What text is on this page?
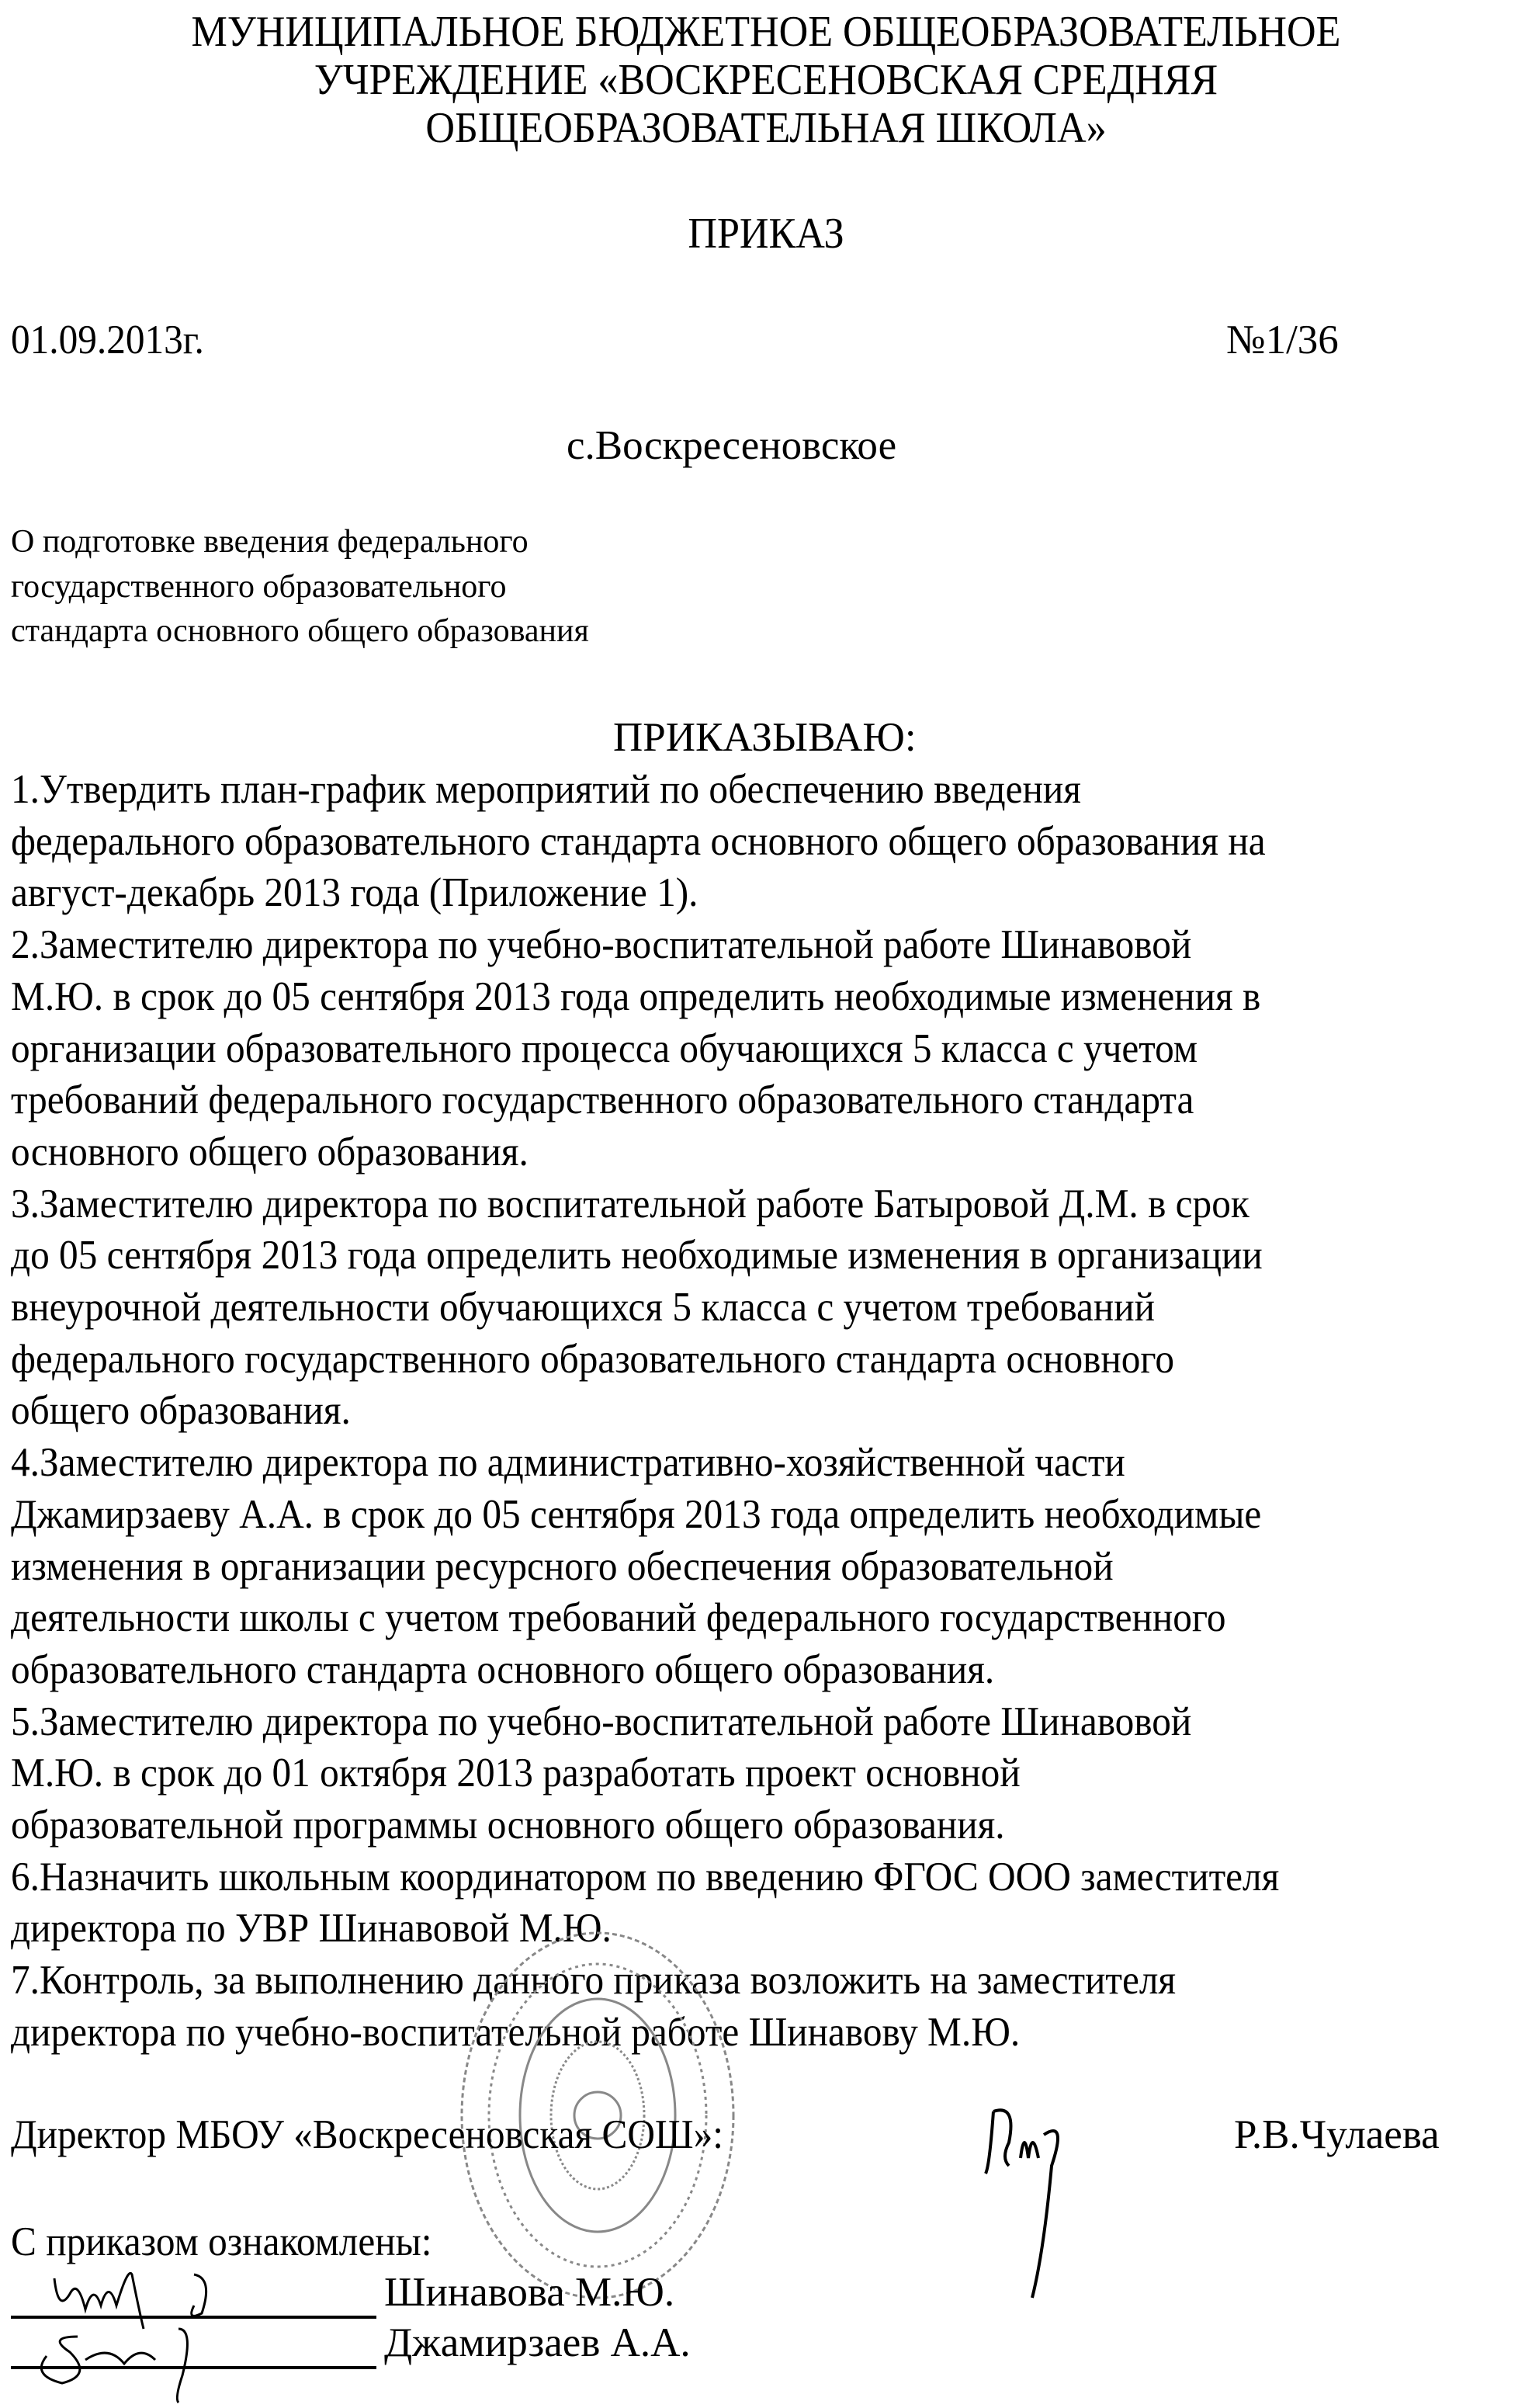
МУНИЦИПАЛЬНОЕ БЮДЖЕТНОЕ ОБЩЕОБРАЗОВАТЕЛЬНОЕ
УЧРЕЖДЕНИЕ «ВОСКРЕСЕНОВСКАЯ СРЕДНЯЯ
ОБЩЕОБРАЗОВАТЕЛЬНАЯ ШКОЛА»
ПРИКАЗ
01.09.2013г.	№1/36
с.Воскресеновское
О подготовке введения федерального
государственного образовательного
стандарта основного общего образования
ПРИКАЗЫВАЮ:
1.Утвердить план-график мероприятий по обеспечению введения
федерального образовательного стандарта основного общего образования на
август-декабрь 2013 года (Приложение 1).
2.Заместителю директора по учебно-воспитательной работе Шинавовой
М.Ю. в срок до 05 сентября 2013 года определить необходимые изменения в
организации образовательного процесса обучающихся 5 класса с учетом
требований федерального государственного образовательного стандарта
основного общего образования.
3.Заместителю директора по воспитательной работе Батыровой Д.М. в срок
до 05 сентября 2013 года определить необходимые изменения в организации
внеурочной деятельности обучающихся 5 класса с учетом требований
федерального государственного образовательного стандарта основного
общего образования.
4.Заместителю директора по административно-хозяйственной части
Джамирзаеву А.А. в срок до 05 сентября 2013 года определить необходимые
изменения в организации ресурсного обеспечения образовательной
деятельности школы с учетом требований федерального государственного
образовательного стандарта основного общего образования.
5.Заместителю директора по учебно-воспитательной работе Шинавовой
М.Ю. в срок до 01 октября 2013 разработать проект основной
образовательной программы основного общего образования.
6.Назначить школьным координатором по введению ФГОС ООО заместителя
директора по УВР Шинавовой М.Ю.
7.Контроль, за выполнению данного приказа возложить на заместителя
директора по учебно-воспитательной работе Шинавову М.Ю.
Директор МБОУ «Воскресеновская СОШ»:	Р.В.Чулаева
С приказом ознакомлены:
Шинавова М.Ю.
Джамирзаев А.А.
